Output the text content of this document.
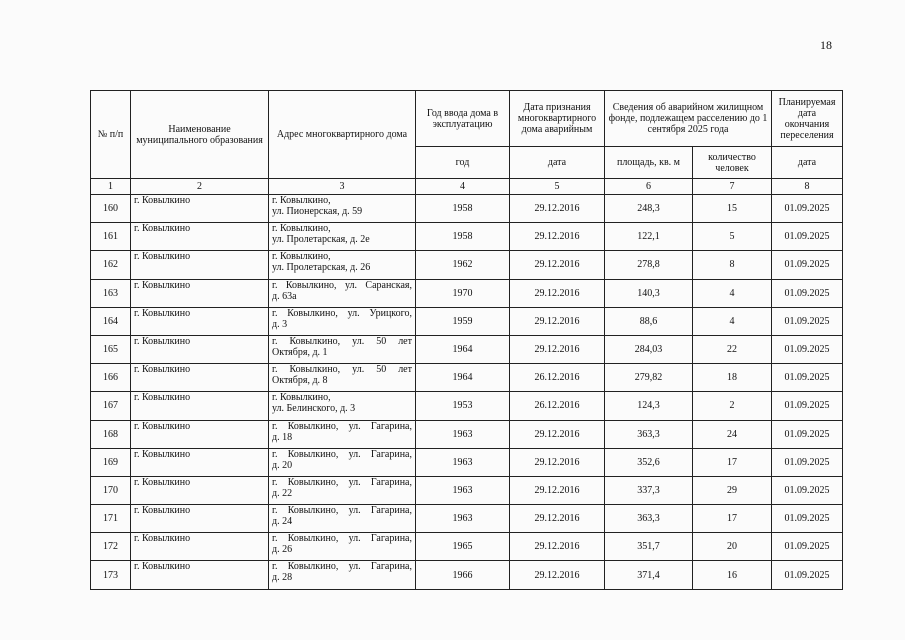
18
№ п/п	Наименование муниципального образования	Адрес многоквартирного дома	Год ввода дома в эксплуатацию	Дата признания многоквартирного дома аварийным	Сведения об аварийном жилищном фонде, подлежащем расселению до 1 сентября 2025 года		Планируемая дата окончания переселения
			год	дата	площадь, кв. м	количество человек	дата
1	2	3	4	5	6	7	8
160	г. Ковылкино	г. Ковылкино,
ул. Пионерская, д. 59	1958	29.12.2016	248,3	15	01.09.2025
161	г. Ковылкино	г. Ковылкино,
ул. Пролетарская, д. 2е	1958	29.12.2016	122,1	5	01.09.2025
162	г. Ковылкино	г. Ковылкино,
ул. Пролетарская, д. 26	1962	29.12.2016	278,8	8	01.09.2025
163	г. Ковылкино	г. Ковылкино, ул. Саранская,
д. 63а	1970	29.12.2016	140,3	4	01.09.2025
164	г. Ковылкино	г. Ковылкино, ул. Урицкого,
д. 3	1959	29.12.2016	88,6	4	01.09.2025
165	г. Ковылкино	г. Ковылкино, ул. 50 лет
Октября, д. 1	1964	29.12.2016	284,03	22	01.09.2025
166	г. Ковылкино	г. Ковылкино, ул. 50 лет
Октября, д. 8	1964	26.12.2016	279,82	18	01.09.2025
167	г. Ковылкино	г. Ковылкино,
ул. Белинского, д. 3	1953	26.12.2016	124,3	2	01.09.2025
168	г. Ковылкино	г. Ковылкино, ул. Гагарина,
д. 18	1963	29.12.2016	363,3	24	01.09.2025
169	г. Ковылкино	г. Ковылкино, ул. Гагарина,
д. 20	1963	29.12.2016	352,6	17	01.09.2025
170	г. Ковылкино	г. Ковылкино, ул. Гагарина,
д. 22	1963	29.12.2016	337,3	29	01.09.2025
171	г. Ковылкино	г. Ковылкино, ул. Гагарина,
д. 24	1963	29.12.2016	363,3	17	01.09.2025
172	г. Ковылкино	г. Ковылкино, ул. Гагарина,
д. 26	1965	29.12.2016	351,7	20	01.09.2025
173	г. Ковылкино	г. Ковылкино, ул. Гагарина,
д. 28	1966	29.12.2016	371,4	16	01.09.2025
